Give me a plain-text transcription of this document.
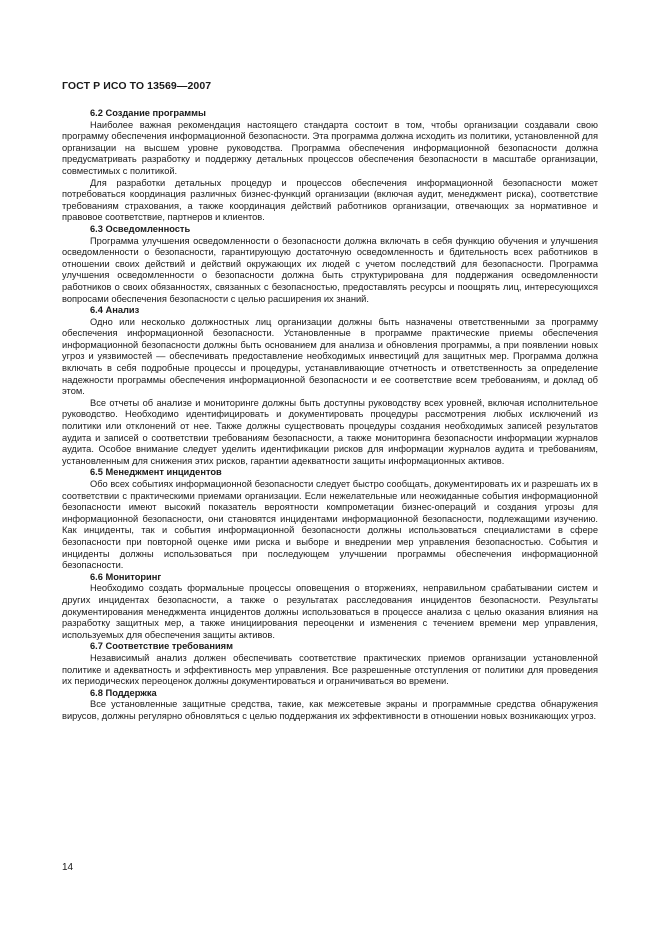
ГОСТ Р ИСО ТО 13569—2007

6.2 Создание программы

Наиболее важная рекомендация настоящего стандарта состоит в том, чтобы организации создавали свою программу обеспечения информационной безопасности. Эта программа должна исходить из политики, установленной для организации на высшем уровне руководства. Программа обеспечения информационной безопасности должна предусматривать разработку и поддержку детальных процессов обеспечения безопасности в масштабе организации, совместимых с политикой.

Для разработки детальных процедур и процессов обеспечения информационной безопасности может потребоваться координация различных бизнес-функций организации (включая аудит, менеджмент риска), соответствие требованиям страхования, а также координация действий работников организации, отвечающих за нормативное и правовое соответствие, партнеров и клиентов.

6.3 Осведомленность

Программа улучшения осведомленности о безопасности должна включать в себя функцию обучения и улучшения осведомленности о безопасности, гарантирующую достаточную осведомленность и бдительность всех работников в отношении своих действий и действий окружающих их людей с учетом последствий для безопасности. Программа улучшения осведомленности о безопасности должна быть структурирована для поддержания осведомленности работников о своих обязанностях, связанных с безопасностью, предоставлять ресурсы и поощрять лиц, интересующихся вопросами обеспечения безопасности с целью расширения их знаний.

6.4 Анализ

Одно или несколько должностных лиц организации должны быть назначены ответственными за программу обеспечения информационной безопасности. Установленные в программе практические приемы обеспечения информационной безопасности должны быть основанием для анализа и обновления программы, а при появлении новых угроз и уязвимостей — обеспечивать предоставление необходимых инвестиций для защитных мер. Программа должна включать в себя подробные процессы и процедуры, устанавливающие отчетность и ответственность за определение надежности программы обеспечения информационной безопасности и ее соответствие всем требованиям, и доклад об этом.

Все отчеты об анализе и мониторинге должны быть доступны руководству всех уровней, включая исполнительное руководство. Необходимо идентифицировать и документировать процедуры рассмотрения любых исключений из политики или отклонений от нее. Также должны существовать процедуры создания необходимых записей результатов аудита и записей о соответствии требованиям безопасности, а также мониторинга безопасности информации журналов аудита. Особое внимание следует уделить идентификации рисков для информации журналов аудита и требованиям, установленным для снижения этих рисков, гарантии адекватности защиты информационных активов.

6.5 Менеджмент инцидентов

Обо всех событиях информационной безопасности следует быстро сообщать, документировать их и разрешать их в соответствии с практическими приемами организации. Если нежелательные или неожиданные события информационной безопасности имеют высокий показатель вероятности компрометации бизнес-операций и создания угрозы для информационной безопасности, они становятся инцидентами информационной безопасности, подлежащими изучению. Как инциденты, так и события информационной безопасности должны использоваться специалистами в сфере безопасности при повторной оценке ими риска и выборе и внедрении мер управления безопасностью. События и инциденты должны использоваться при последующем улучшении программы обеспечения информационной безопасности.

6.6 Мониторинг

Необходимо создать формальные процессы оповещения о вторжениях, неправильном срабатывании систем и других инцидентах безопасности, а также о результатах расследования инцидентов безопасности. Результаты документирования менеджмента инцидентов должны использоваться в процессе анализа с целью оказания влияния на разработку защитных мер, а также инициирования переоценки и изменения с течением времени мер управления, используемых для обеспечения защиты активов.

6.7 Соответствие требованиям

Независимый анализ должен обеспечивать соответствие практических приемов организации установленной политике и адекватность и эффективность мер управления. Все разрешенные отступления от политики для проведения их периодических переоценок должны документироваться и ограничиваться во времени.

6.8 Поддержка

Все установленные защитные средства, такие, как межсетевые экраны и программные средства обнаружения вирусов, должны регулярно обновляться с целью поддержания их эффективности в отношении новых возникающих угроз.

14
